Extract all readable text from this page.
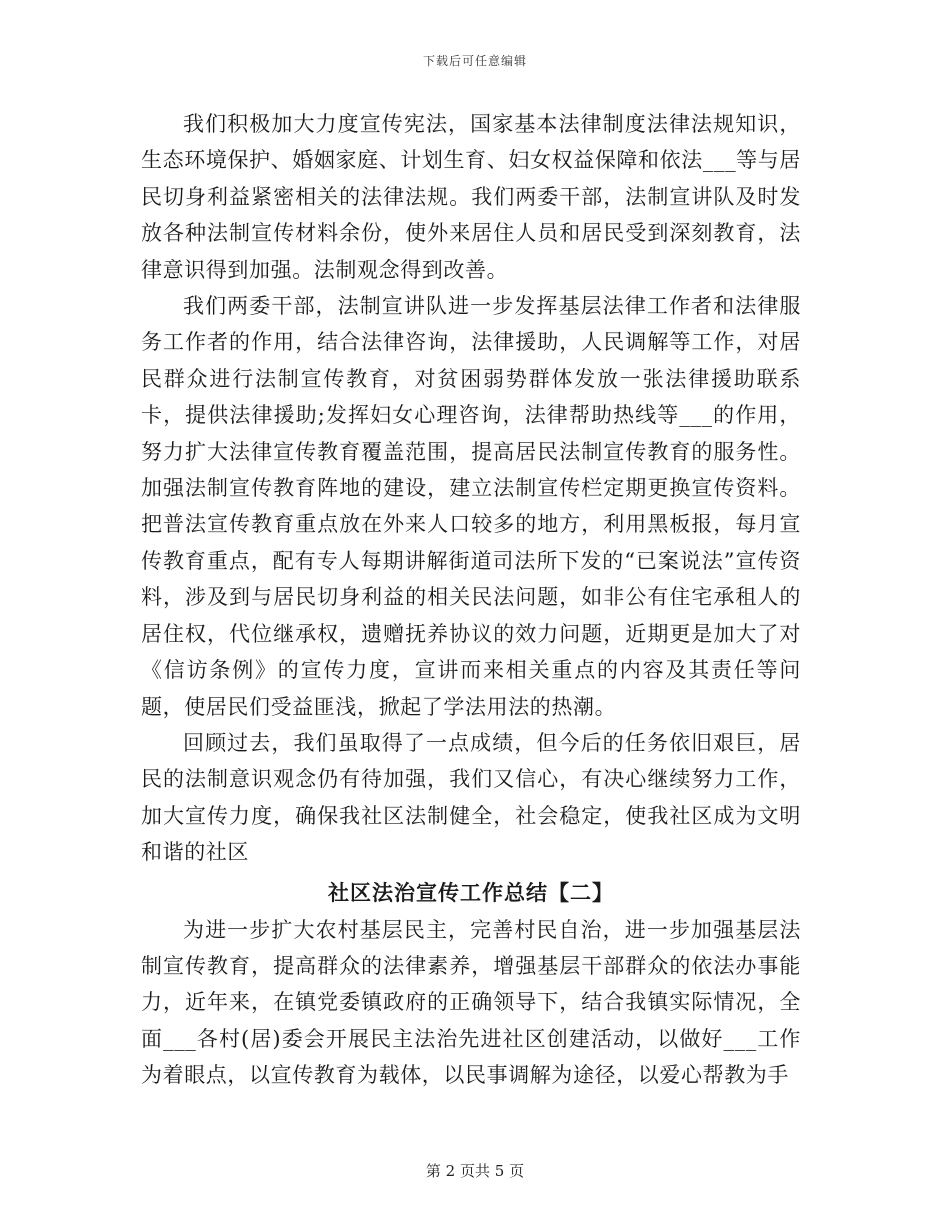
下载后可任意编辑

我们积极加大力度宣传宪法，国家基本法律制度法律法规知识，生态环境保护、婚姻家庭、计划生育、妇女权益保障和依法___等与居民切身利益紧密相关的法律法规。我们两委干部，法制宣讲队及时发放各种法制宣传材料余份，使外来居住人员和居民受到深刻教育，法律意识得到加强。法制观念得到改善。

我们两委干部，法制宣讲队进一步发挥基层法律工作者和法律服务工作者的作用，结合法律咨询，法律援助，人民调解等工作，对居民群众进行法制宣传教育，对贫困弱势群体发放一张法律援助联系卡，提供法律援助;发挥妇女心理咨询，法律帮助热线等___的作用，努力扩大法律宣传教育覆盖范围，提高居民法制宣传教育的服务性。加强法制宣传教育阵地的建设，建立法制宣传栏定期更换宣传资料。把普法宣传教育重点放在外来人口较多的地方，利用黑板报，每月宣传教育重点，配有专人每期讲解街道司法所下发的“已案说法”宣传资料，涉及到与居民切身利益的相关民法问题，如非公有住宅承租人的居住权，代位继承权，遗赠抚养协议的效力问题，近期更是加大了对《信访条例》的宣传力度，宣讲而来相关重点的内容及其责任等问题，使居民们受益匪浅，掀起了学法用法的热潮。

回顾过去，我们虽取得了一点成绩，但今后的任务依旧艰巨，居民的法制意识观念仍有待加强，我们又信心，有决心继续努力工作，加大宣传力度，确保我社区法制健全，社会稳定，使我社区成为文明和谐的社区

社区法治宣传工作总结【二】

为进一步扩大农村基层民主，完善村民自治，进一步加强基层法制宣传教育，提高群众的法律素养，增强基层干部群众的依法办事能力，近年来，在镇党委镇政府的正确领导下，结合我镇实际情况，全面___各村(居)委会开展民主法治先进社区创建活动，以做好___工作为着眼点，以宣传教育为载体，以民事调解为途径，以爱心帮教为手

第 2 页共 5 页
